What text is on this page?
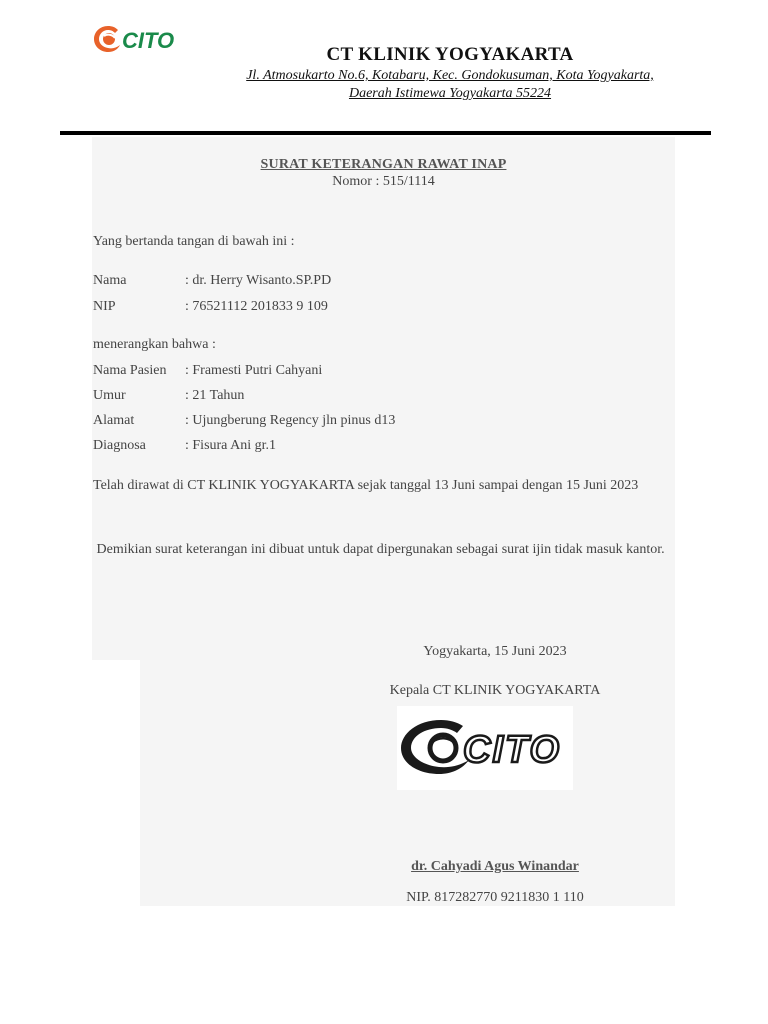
CITO
CT KLINIK YOGYAKARTA
Jl. Atmosukarto No.6, Kotabaru, Kec. Gondokusuman, Kota Yogyakarta,
Daerah Istimewa Yogyakarta 55224
SURAT KETERANGAN RAWAT INAP
Nomor : 515/1114
Yang bertanda tangan di bawah ini :
Nama	: dr. Herry Wisanto.SP.PD
NIP	: 76521112 201833 9 109
menerangkan bahwa :
Nama Pasien : Framesti Putri Cahyani
Umur	: 21 Tahun
Alamat	: Ujungberung Regency jln pinus d13
Diagnosa	: Fisura Ani gr.1
Telah dirawat di CT KLINIK YOGYAKARTA sejak tanggal 13 Juni sampai dengan 15 Juni 2023
Demikian surat keterangan ini dibuat untuk dapat dipergunakan sebagai surat ijin tidak masuk kantor.
Yogyakarta, 15 Juni 2023
Kepala CT KLINIK YOGYAKARTA
CITO
dr. Cahyadi Agus Winandar
NIP. 817282770 9211830 1 110
